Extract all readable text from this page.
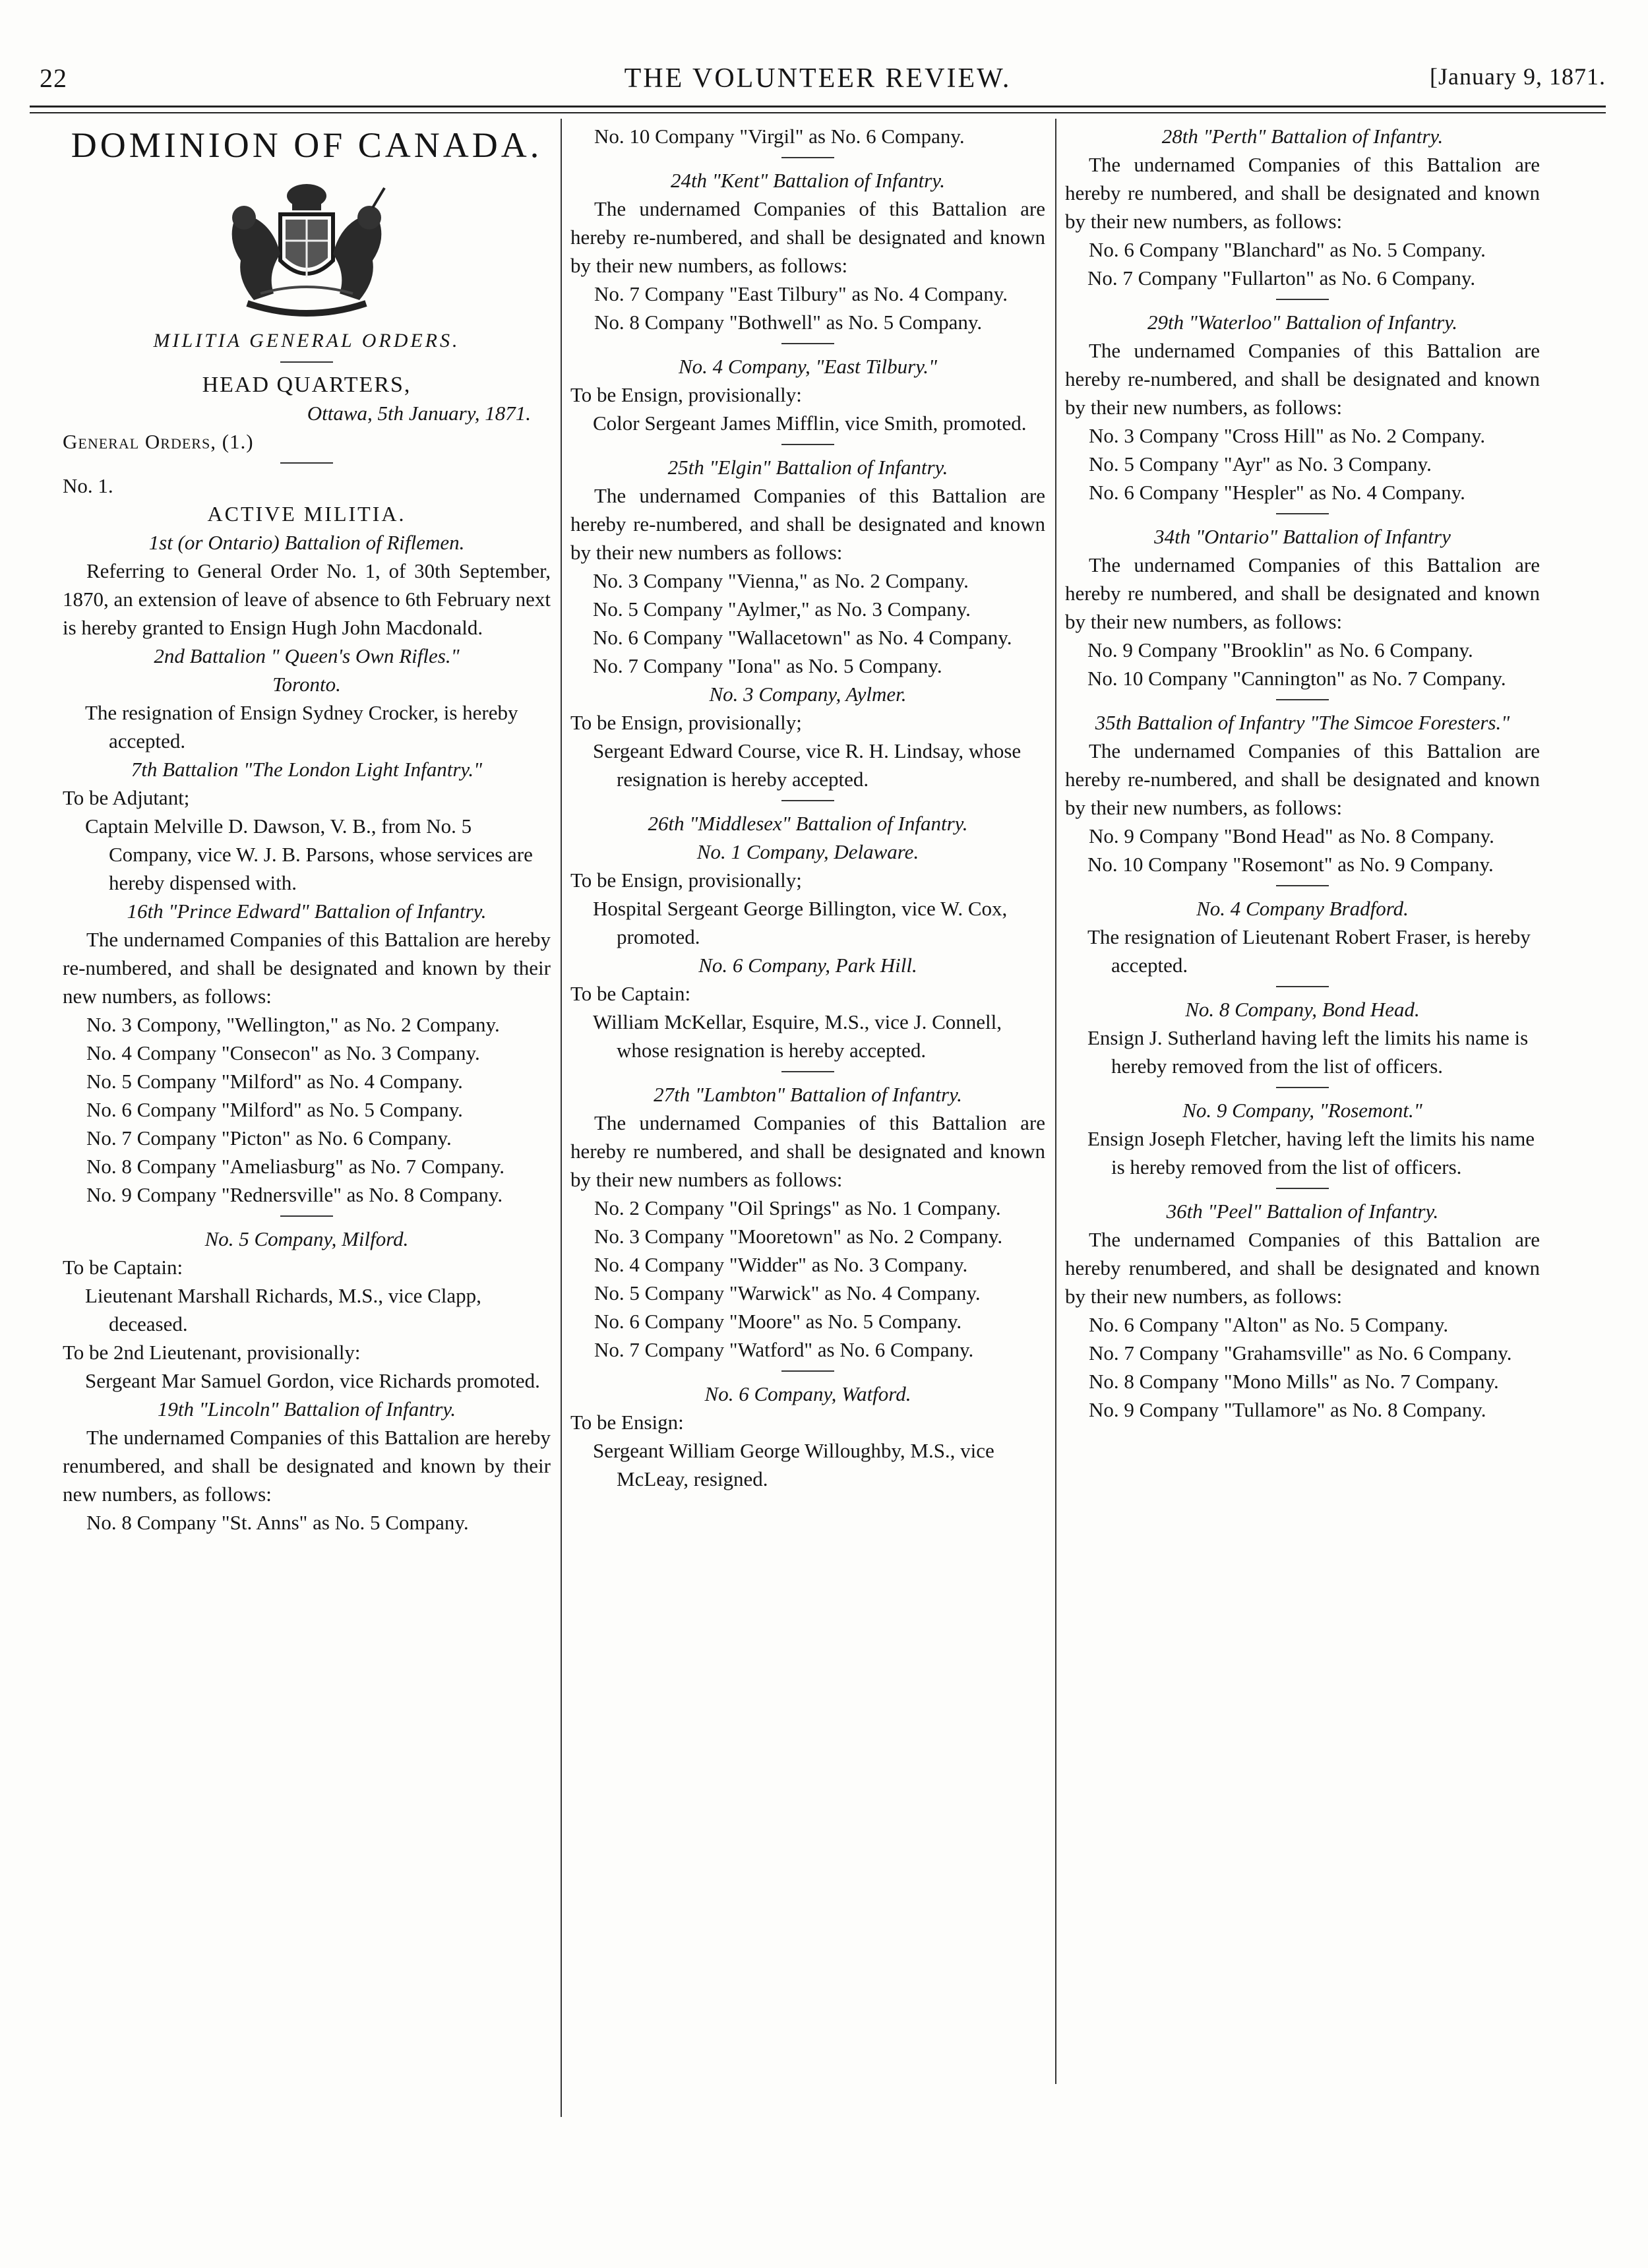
22	THE VOLUNTEER REVIEW.	[January 9, 1871.

DOMINION OF CANADA.

MILITIA GENERAL ORDERS.

HEAD QUARTERS,

Ottawa, 5th January, 1871.

General Orders, (1.)

No. 1.

ACTIVE MILITIA.

1st (or Ontario) Battalion of Riflemen.

Referring to General Order No. 1, of 30th September, 1870, an extension of leave of absence to 6th February next is hereby granted to Ensign Hugh John Macdonald.

2nd Battalion " Queen's Own Rifles."

Toronto.

The resignation of Ensign Sydney Crocker, is hereby accepted.

7th Battalion "The London Light Infantry."

To be Adjutant;

Captain Melville D. Dawson, V. B., from No. 5 Company, vice W. J. B. Parsons, whose services are hereby dispensed with.

16th "Prince Edward" Battalion of Infantry.

The undernamed Companies of this Battalion are hereby re-numbered, and shall be designated and known by their new numbers, as follows:

No. 3 Compony, "Wellington," as No. 2 Company.

No. 4 Company "Consecon" as No. 3 Company.

No. 5 Company "Milford" as No. 4 Company.

No. 6 Company "Milford" as No. 5 Company.

No. 7 Company "Picton" as No. 6 Company.

No. 8 Company "Ameliasburg" as No. 7 Company.

No. 9 Company "Rednersville" as No. 8 Company.

No. 5 Company, Milford.

To be Captain:

Lieutenant Marshall Richards, M.S., vice Clapp, deceased.

To be 2nd Lieutenant, provisionally:

Sergeant Mar Samuel Gordon, vice Richards promoted.

19th "Lincoln" Battalion of Infantry.

The undernamed Companies of this Battalion are hereby renumbered, and shall be designated and known by their new numbers, as follows:

No. 8 Company "St. Anns" as No. 5 Company.

No. 10 Company "Virgil" as No. 6 Company.

24th "Kent" Battalion of Infantry.

The undernamed Companies of this Battalion are hereby re-numbered, and shall be designated and known by their new numbers, as follows:

No. 7 Company "East Tilbury" as No. 4 Company.

No. 8 Company "Bothwell" as No. 5 Company.

No. 4 Company, "East Tilbury."

To be Ensign, provisionally:

Color Sergeant James Mifflin, vice Smith, promoted.

25th "Elgin" Battalion of Infantry.

The undernamed Companies of this Battalion are hereby re-numbered, and shall be designated and known by their new numbers as follows:

No. 3 Company "Vienna," as No. 2 Company.

No. 5 Company "Aylmer," as No. 3 Company.

No. 6 Company "Wallacetown" as No. 4 Company.

No. 7 Company "Iona" as No. 5 Company.

No. 3 Company, Aylmer.

To be Ensign, provisionally;

Sergeant Edward Course, vice R. H. Lindsay, whose resignation is hereby accepted.

26th "Middlesex" Battalion of Infantry.

No. 1 Company, Delaware.

To be Ensign, provisionally;

Hospital Sergeant George Billington, vice W. Cox, promoted.

No. 6 Company, Park Hill.

To be Captain:

William McKellar, Esquire, M.S., vice J. Connell, whose resignation is hereby accepted.

27th "Lambton" Battalion of Infantry.

The undernamed Companies of this Battalion are hereby re numbered, and shall be designated and known by their new numbers as follows:

No. 2 Company "Oil Springs" as No. 1 Company.

No. 3 Company "Mooretown" as No. 2 Company.

No. 4 Company "Widder" as No. 3 Company.

No. 5 Company "Warwick" as No. 4 Company.

No. 6 Company "Moore" as No. 5 Company.

No. 7 Company "Watford" as No. 6 Company.

No. 6 Company, Watford.

To be Ensign:

Sergeant William George Willoughby, M.S., vice McLeay, resigned.

28th "Perth" Battalion of Infantry.

The undernamed Companies of this Battalion are hereby re numbered, and shall be designated and known by their new numbers, as follows:

No. 6 Company "Blanchard" as No. 5 Company.

No. 7 Company "Fullarton" as No. 6 Company.

29th "Waterloo" Battalion of Infantry.

The undernamed Companies of this Battalion are hereby re-numbered, and shall be designated and known by their new numbers, as follows:

No. 3 Company "Cross Hill" as No. 2 Company.

No. 5 Company "Ayr" as No. 3 Company.

No. 6 Company "Hespler" as No. 4 Company.

34th "Ontario" Battalion of Infantry

The undernamed Companies of this Battalion are hereby re numbered, and shall be designated and known by their new numbers, as follows:

No. 9 Company "Brooklin" as No. 6 Company.

No. 10 Company "Cannington" as No. 7 Company.

35th Battalion of Infantry "The Simcoe Foresters."

The undernamed Companies of this Battalion are hereby re-numbered, and shall be designated and known by their new numbers, as follows:

No. 9 Company "Bond Head" as No. 8 Company.

No. 10 Company "Rosemont" as No. 9 Company.

No. 4 Company Bradford.

The resignation of Lieutenant Robert Fraser, is hereby accepted.

No. 8 Company, Bond Head.

Ensign J. Sutherland having left the limits his name is hereby removed from the list of officers.

No. 9 Company, "Rosemont."

Ensign Joseph Fletcher, having left the limits his name is hereby removed from the list of officers.

36th "Peel" Battalion of Infantry.

The undernamed Companies of this Battalion are hereby renumbered, and shall be designated and known by their new numbers, as follows:

No. 6 Company "Alton" as No. 5 Company.

No. 7 Company "Grahamsville" as No. 6 Company.

No. 8 Company "Mono Mills" as No. 7 Company.

No. 9 Company "Tullamore" as No. 8 Company.
